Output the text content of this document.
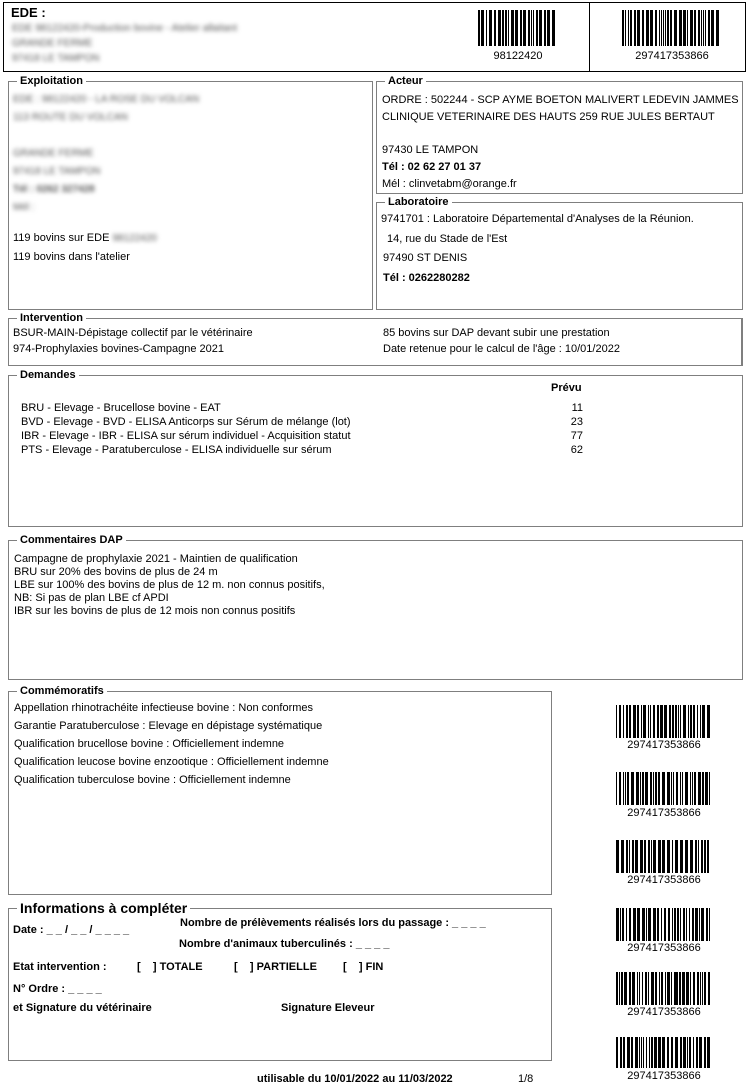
EDE :
EDE 98122420-Production bovine - Atelier allaitant
GRANDE FERME
97418 LE TAMPON	98122420	297417353866
Exploitation
EDE : 98122420 - LA ROSE DU VOLCAN
113 ROUTE DU VOLCAN
GRANDE FERME
97418 LE TAMPON
Tél : 0262 327428
Mél :
119 bovins sur EDE 98122420
119 bovins dans l'atelier
Acteur
ORDRE : 502244 - SCP AYME BOETON MALIVERT LEDEVIN JAMMES
CLINIQUE VETERINAIRE DES HAUTS 259 RUE JULES BERTAUT
97430 LE TAMPON
Tél : 02 62 27 01 37
Mél : clinvetabm@orange.fr
Laboratoire
9741701 : Laboratoire Départemental d'Analyses de la Réunion.
14, rue du Stade de l'Est
97490 ST DENIS
Tél : 0262280282
Intervention
BSUR-MAIN-Dépistage collectif par le vétérinaire
974-Prophylaxies bovines-Campagne 2021
85 bovins sur DAP devant subir une prestation
Date retenue pour le calcul de l'âge : 10/01/2022
Demandes
Prévu
BRU - Elevage - Brucellose bovine - EAT	11
BVD - Elevage - BVD - ELISA Anticorps sur Sérum de mélange (lot)	23
IBR - Elevage - IBR - ELISA sur sérum individuel - Acquisition statut	77
PTS - Elevage - Paratuberculose - ELISA individuelle sur sérum	62
Commentaires DAP
Campagne de prophylaxie 2021 - Maintien de qualification
BRU sur 20% des bovins de plus de 24 m
LBE sur 100% des bovins de plus de 12 m. non connus positifs,
NB: Si pas de plan LBE cf APDI
IBR sur les bovins de plus de 12 mois non connus positifs
Commémoratifs
Appellation rhinotrachéite infectieuse bovine : Non conformes
Garantie Paratuberculose : Elevage en dépistage systématique
Qualification brucellose bovine : Officiellement indemne
Qualification leucose bovine enzootique : Officiellement indemne
Qualification tuberculose bovine : Officiellement indemne
Informations à compléter
Nombre de prélèvements réalisés lors du passage : _ _ _ _
Date : _ _ / _ _ / _ _ _ _
Nombre d'animaux tuberculinés : _ _ _ _
Etat intervention :	[    ] TOTALE	[    ] PARTIELLE [    ] FIN
N° Ordre : _ _ _ _
et Signature du vétérinaire	Signature Eleveur
297417353866
297417353866
297417353866
297417353866
297417353866
297417353866
utilisable du 10/01/2022 au 11/03/2022	1/8
